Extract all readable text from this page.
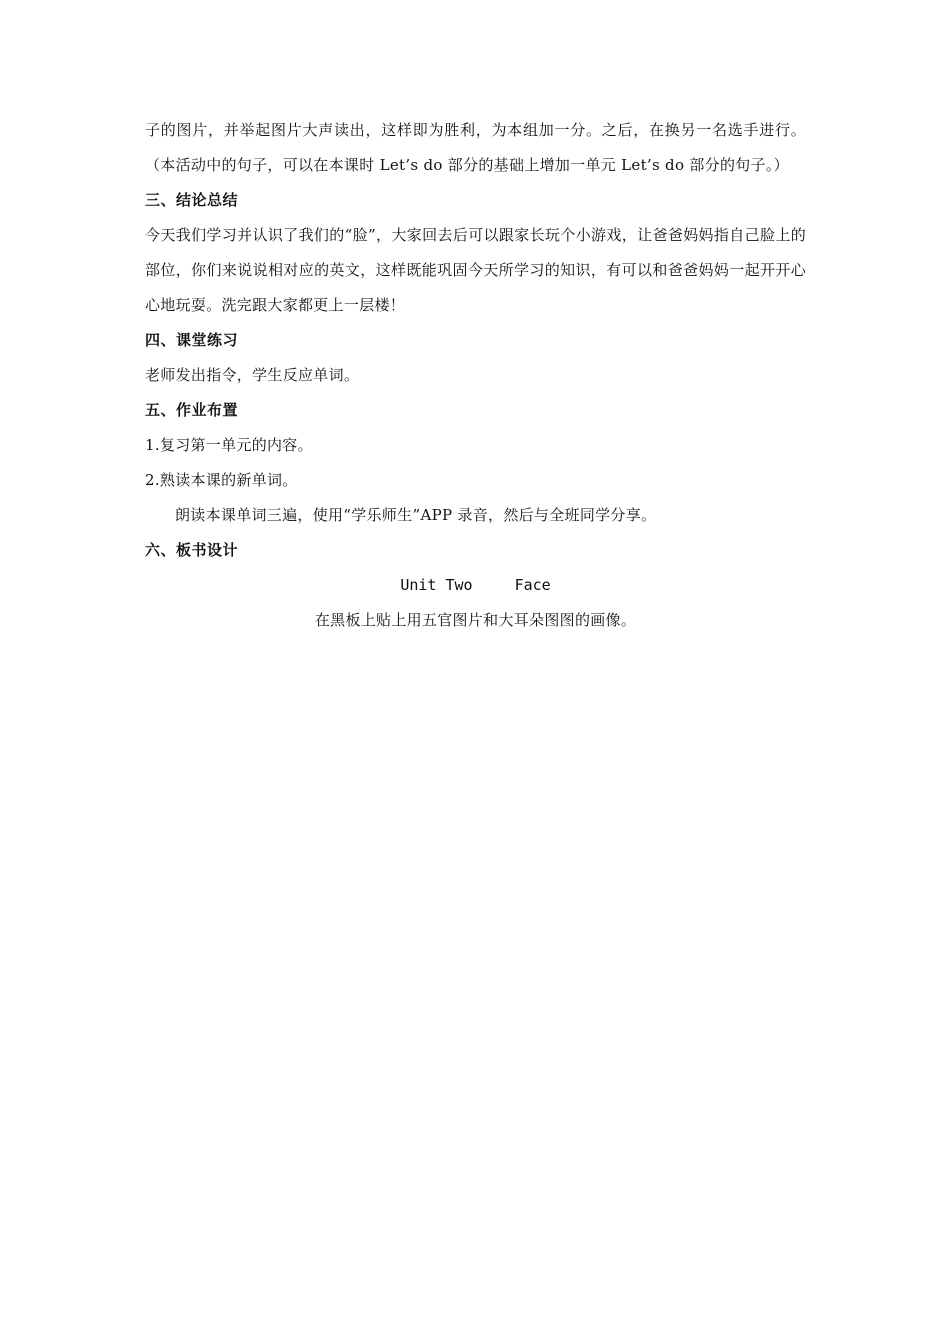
子的图片，并举起图片大声读出，这样即为胜利，为本组加一分。之后，在换另一名选手进行。（本活动中的句子，可以在本课时 Let’s do 部分的基础上增加一单元 Let’s do 部分的句子。）

三、结论总结

今天我们学习并认识了我们的“脸”，大家回去后可以跟家长玩个小游戏，让爸爸妈妈指自己脸上的部位，你们来说说相对应的英文，这样既能巩固今天所学习的知识，有可以和爸爸妈妈一起开开心心地玩耍。洗完跟大家都更上一层楼！

四、课堂练习

老师发出指令，学生反应单词。

五、作业布置

1.复习第一单元的内容。

2.熟读本课的新单词。

朗读本课单词三遍，使用“学乐师生”APP 录音，然后与全班同学分享。

六、板书设计

Unit Two	Face

在黑板上贴上用五官图片和大耳朵图图的画像。
